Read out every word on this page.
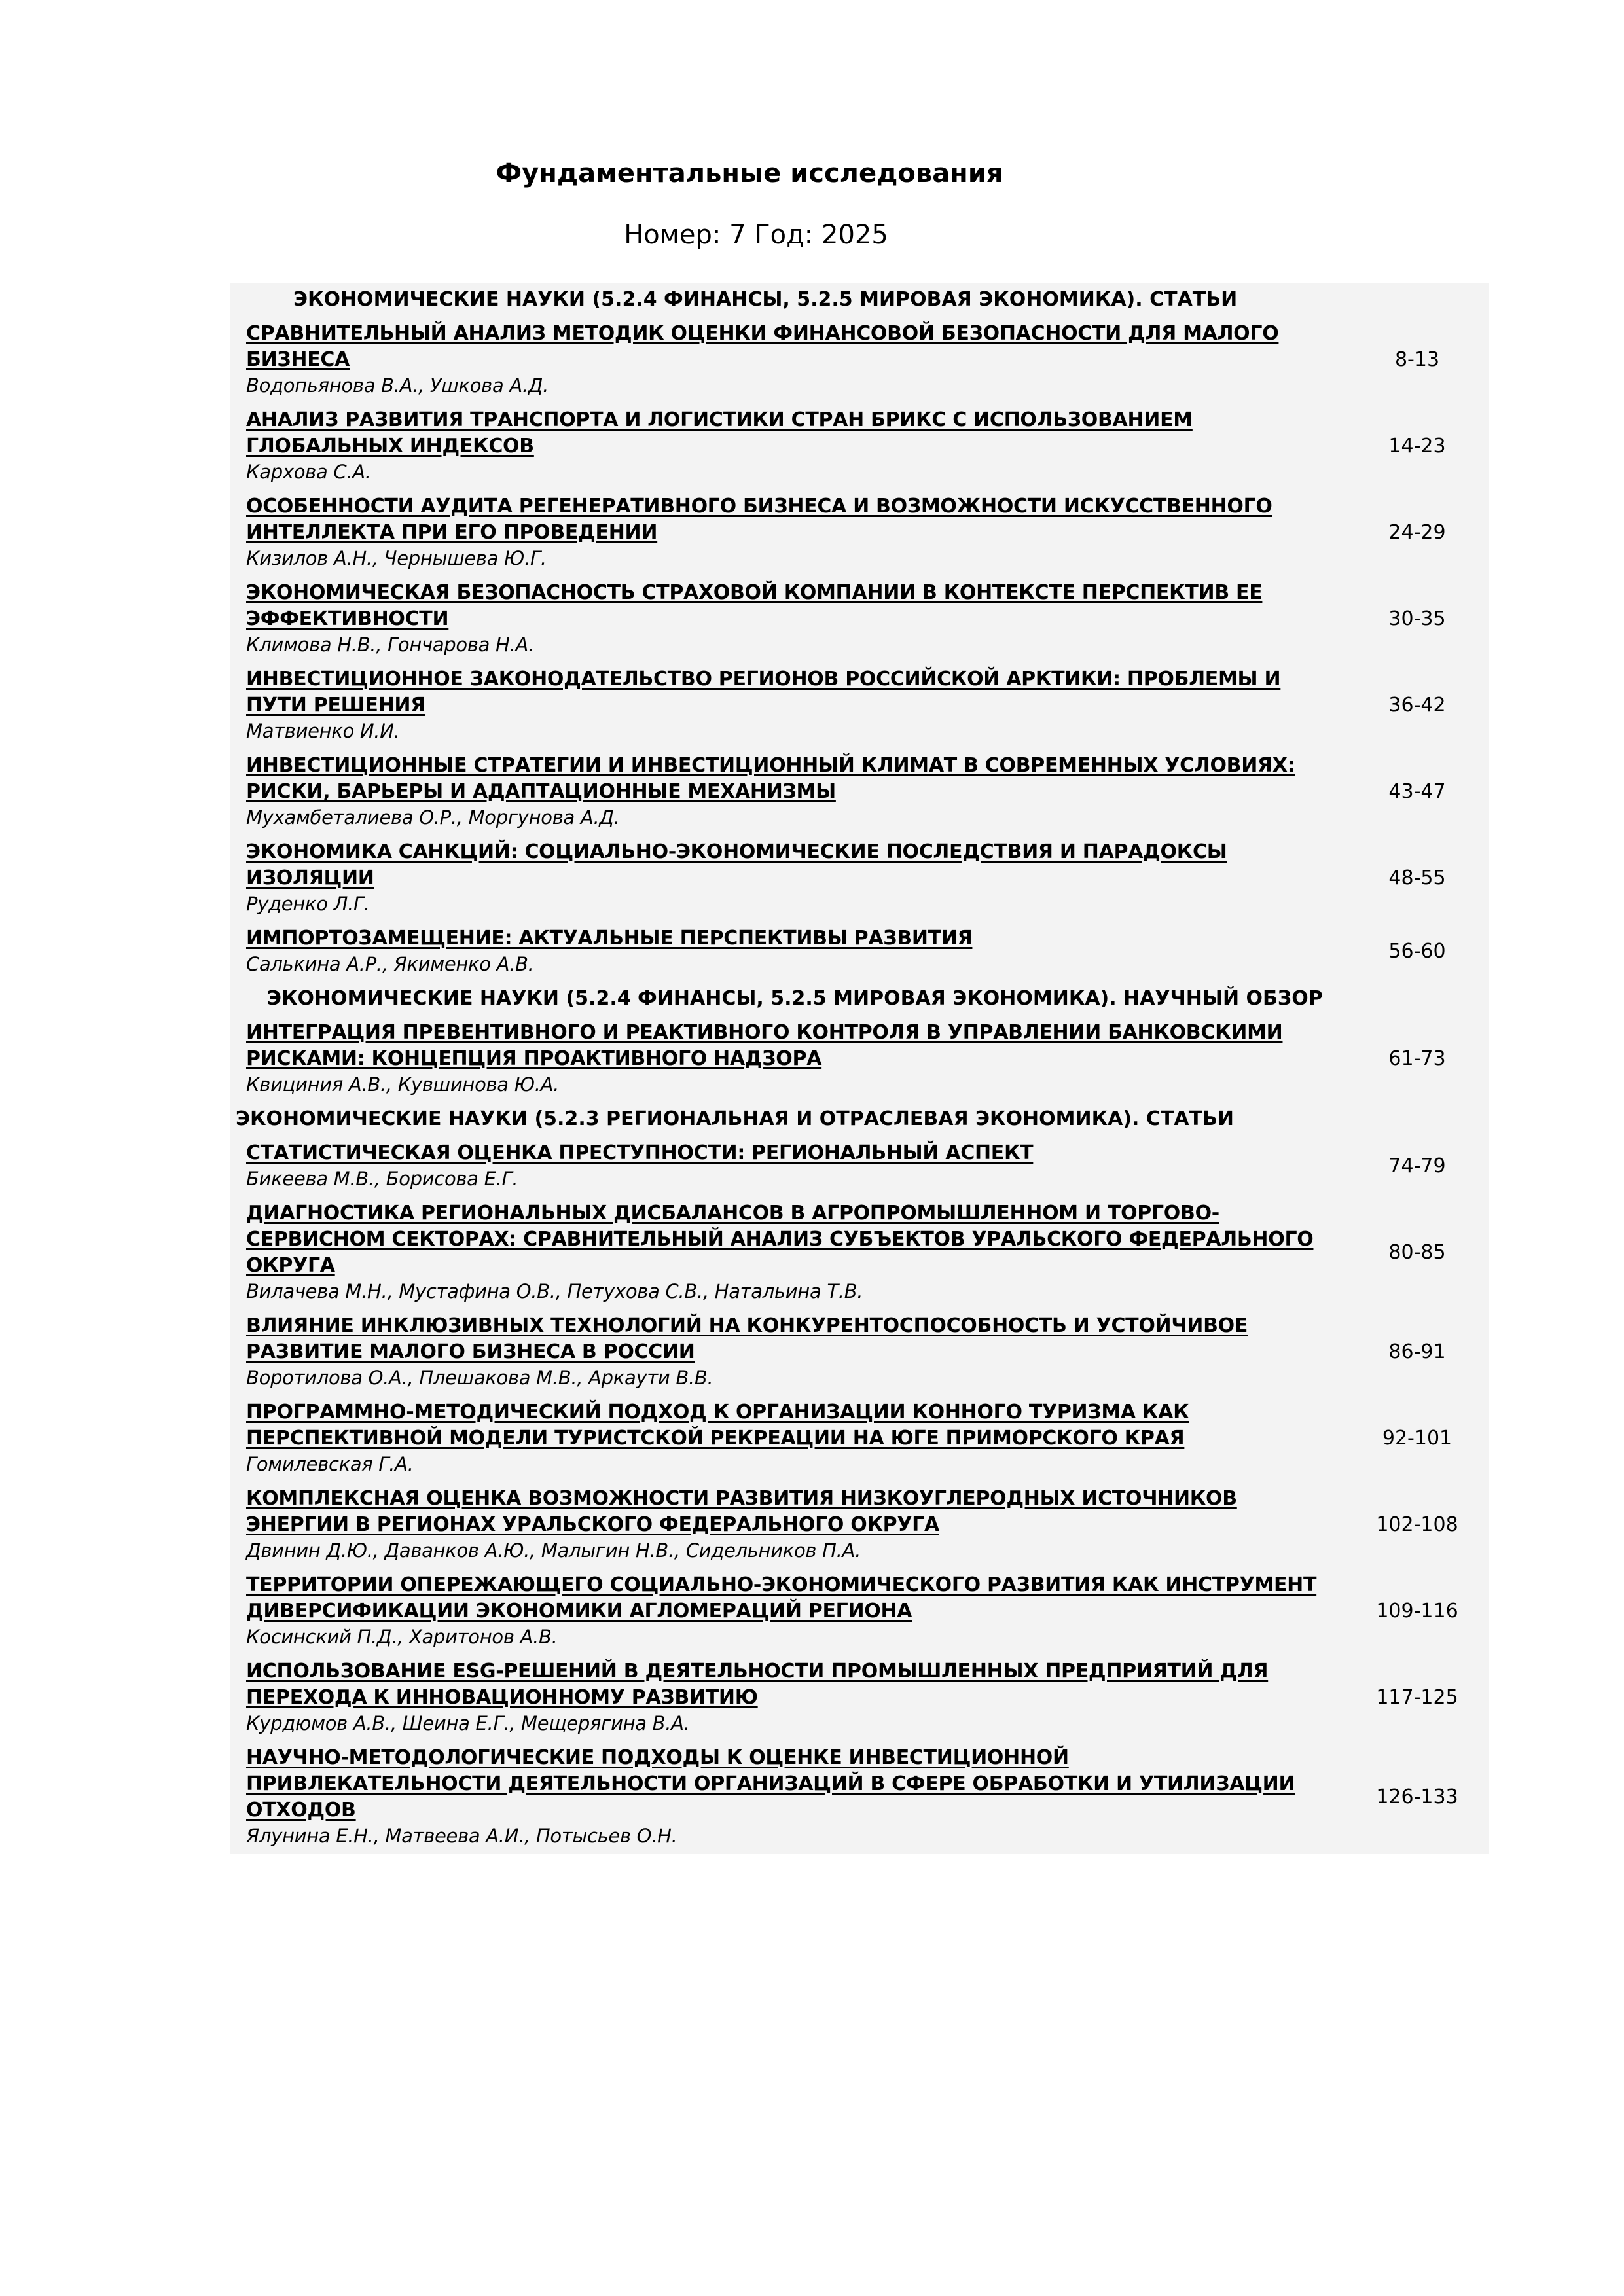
Фундаментальные исследования
Номер: 7 Год: 2025
ЭКОНОМИЧЕСКИЕ НАУКИ (5.2.4 ФИНАНСЫ, 5.2.5 МИРОВАЯ ЭКОНОМИКА). СТАТЬИ
СРАВНИТЕЛЬНЫЙ АНАЛИЗ МЕТОДИК ОЦЕНКИ ФИНАНСОВОЙ БЕЗОПАСНОСТИ ДЛЯ МАЛОГО БИЗНЕСА
Водопьянова В.А., Ушкова А.Д.
8-13
АНАЛИЗ РАЗВИТИЯ ТРАНСПОРТА И ЛОГИСТИКИ СТРАН БРИКС С ИСПОЛЬЗОВАНИЕМ ГЛОБАЛЬНЫХ ИНДЕКСОВ
Кархова С.А.
14-23
ОСОБЕННОСТИ АУДИТА РЕГЕНЕРАТИВНОГО БИЗНЕСА И ВОЗМОЖНОСТИ ИСКУССТВЕННОГО ИНТЕЛЛЕКТА ПРИ ЕГО ПРОВЕДЕНИИ
Кизилов А.Н., Чернышева Ю.Г.
24-29
ЭКОНОМИЧЕСКАЯ БЕЗОПАСНОСТЬ СТРАХОВОЙ КОМПАНИИ В КОНТЕКСТЕ ПЕРСПЕКТИВ ЕЕ ЭФФЕКТИВНОСТИ
Климова Н.В., Гончарова Н.А.
30-35
ИНВЕСТИЦИОННОЕ ЗАКОНОДАТЕЛЬСТВО РЕГИОНОВ РОССИЙСКОЙ АРКТИКИ: ПРОБЛЕМЫ И ПУТИ РЕШЕНИЯ
Матвиенко И.И.
36-42
ИНВЕСТИЦИОННЫЕ СТРАТЕГИИ И ИНВЕСТИЦИОННЫЙ КЛИМАТ В СОВРЕМЕННЫХ УСЛОВИЯХ: РИСКИ, БАРЬЕРЫ И АДАПТАЦИОННЫЕ МЕХАНИЗМЫ
Мухамбеталиева О.Р., Моргунова А.Д.
43-47
ЭКОНОМИКА САНКЦИЙ: СОЦИАЛЬНО-ЭКОНОМИЧЕСКИЕ ПОСЛЕДСТВИЯ И ПАРАДОКСЫ ИЗОЛЯЦИИ
Руденко Л.Г.
48-55
ИМПОРТОЗАМЕЩЕНИЕ: АКТУАЛЬНЫЕ ПЕРСПЕКТИВЫ РАЗВИТИЯ
Салькина А.Р., Якименко А.В.
56-60
ЭКОНОМИЧЕСКИЕ НАУКИ (5.2.4 ФИНАНСЫ, 5.2.5 МИРОВАЯ ЭКОНОМИКА). НАУЧНЫЙ ОБЗОР
ИНТЕГРАЦИЯ ПРЕВЕНТИВНОГО И РЕАКТИВНОГО КОНТРОЛЯ В УПРАВЛЕНИИ БАНКОВСКИМИ РИСКАМИ: КОНЦЕПЦИЯ ПРОАКТИВНОГО НАДЗОРА
Квициния А.В., Кувшинова Ю.А.
61-73
ЭКОНОМИЧЕСКИЕ НАУКИ (5.2.3 РЕГИОНАЛЬНАЯ И ОТРАСЛЕВАЯ ЭКОНОМИКА). СТАТЬИ
СТАТИСТИЧЕСКАЯ ОЦЕНКА ПРЕСТУПНОСТИ: РЕГИОНАЛЬНЫЙ АСПЕКТ
Бикеева М.В., Борисова Е.Г.
74-79
ДИАГНОСТИКА РЕГИОНАЛЬНЫХ ДИСБАЛАНСОВ В АГРОПРОМЫШЛЕННОМ И ТОРГОВО-СЕРВИСНОМ СЕКТОРАХ: СРАВНИТЕЛЬНЫЙ АНАЛИЗ СУБЪЕКТОВ УРАЛЬСКОГО ФЕДЕРАЛЬНОГО ОКРУГА
Вилачева М.Н., Мустафина О.В., Петухова С.В., Натальина Т.В.
80-85
ВЛИЯНИЕ ИНКЛЮЗИВНЫХ ТЕХНОЛОГИЙ НА КОНКУРЕНТОСПОСОБНОСТЬ И УСТОЙЧИВОЕ РАЗВИТИЕ МАЛОГО БИЗНЕСА В РОССИИ
Воротилова О.А., Плешакова М.В., Аркаути В.В.
86-91
ПРОГРАММНО-МЕТОДИЧЕСКИЙ ПОДХОД К ОРГАНИЗАЦИИ КОННОГО ТУРИЗМА КАК ПЕРСПЕКТИВНОЙ МОДЕЛИ ТУРИСТСКОЙ РЕКРЕАЦИИ НА ЮГЕ ПРИМОРСКОГО КРАЯ
Гомилевская Г.А.
92-101
КОМПЛЕКСНАЯ ОЦЕНКА ВОЗМОЖНОСТИ РАЗВИТИЯ НИЗКОУГЛЕРОДНЫХ ИСТОЧНИКОВ ЭНЕРГИИ В РЕГИОНАХ УРАЛЬСКОГО ФЕДЕРАЛЬНОГО ОКРУГА
Двинин Д.Ю., Даванков А.Ю., Малыгин Н.В., Сидельников П.А.
102-108
ТЕРРИТОРИИ ОПЕРЕЖАЮЩЕГО СОЦИАЛЬНО-ЭКОНОМИЧЕСКОГО РАЗВИТИЯ КАК ИНСТРУМЕНТ ДИВЕРСИФИКАЦИИ ЭКОНОМИКИ АГЛОМЕРАЦИЙ РЕГИОНА
Косинский П.Д., Харитонов А.В.
109-116
ИСПОЛЬЗОВАНИЕ ESG-РЕШЕНИЙ В ДЕЯТЕЛЬНОСТИ ПРОМЫШЛЕННЫХ ПРЕДПРИЯТИЙ ДЛЯ ПЕРЕХОДА К ИННОВАЦИОННОМУ РАЗВИТИЮ
Курдюмов А.В., Шеина Е.Г., Мещерягина В.А.
117-125
НАУЧНО-МЕТОДОЛОГИЧЕСКИЕ ПОДХОДЫ К ОЦЕНКЕ ИНВЕСТИЦИОННОЙ ПРИВЛЕКАТЕЛЬНОСТИ ДЕЯТЕЛЬНОСТИ ОРГАНИЗАЦИЙ В СФЕРЕ ОБРАБОТКИ И УТИЛИЗАЦИИ ОТХОДОВ
Ялунина Е.Н., Матвеева А.И., Потысьев О.Н.
126-133
